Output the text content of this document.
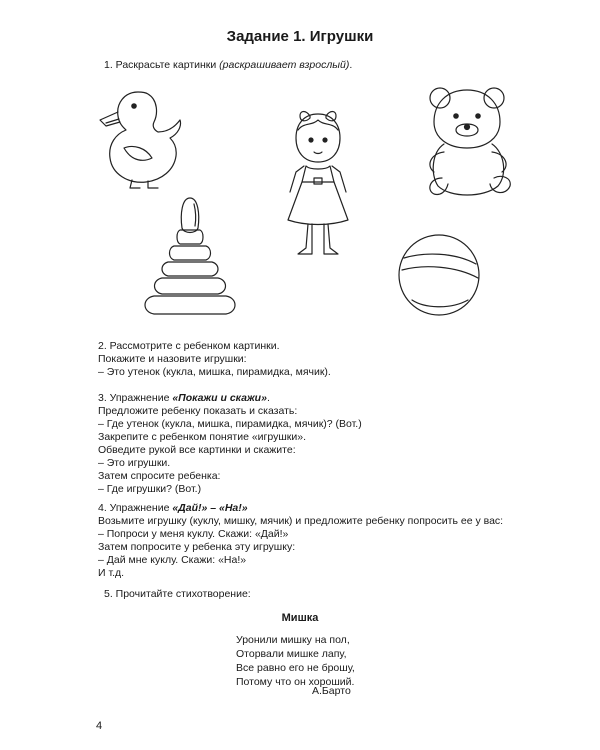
Задание 1. Игрушки
1. Раскрасьте картинки (раскрашивает взрослый).
2. Рассмотрите с ребенком картинки.
Покажите и назовите игрушки:
– Это утенок (кукла, мишка, пирамидка, мячик).
3. Упражнение «Покажи и скажи».
Предложите ребенку показать и сказать:
– Где утенок (кукла, мишка, пирамидка, мячик)? (Вот.)
Закрепите с ребенком понятие «игрушки».
Обведите рукой все картинки и скажите:
– Это игрушки.
Затем спросите ребенка:
– Где игрушки? (Вот.)
4. Упражнение «Дай!» – «На!»
Возьмите игрушку (куклу, мишку, мячик) и предложите ребенку попросить ее у вас:
– Попроси у меня куклу. Скажи: «Дай!»
Затем попросите у ребенка эту игрушку:
– Дай мне куклу. Скажи: «На!»
И т.д.
5. Прочитайте стихотворение:
Мишка
Уронили мишку на пол,
Оторвали мишке лапу,
Все равно его не брошу,
Потому что он хороший.
А.Барто
4
